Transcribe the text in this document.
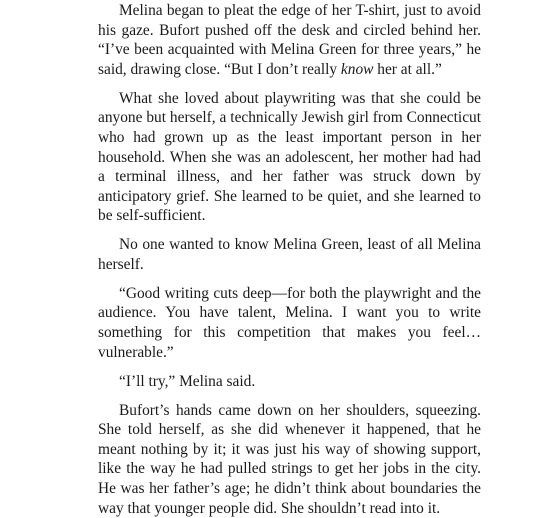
Melina began to pleat the edge of her T-shirt, just to avoid his gaze. Bufort pushed off the desk and circled behind her. “I’ve been acquainted with Melina Green for three years,” he said, drawing close. “But I don’t really know her at all.”

What she loved about playwriting was that she could be anyone but herself, a technically Jewish girl from Connecticut who had grown up as the least important person in her household. When she was an adolescent, her mother had had a terminal illness, and her father was struck down by anticipatory grief. She learned to be quiet, and she learned to be self-sufficient.

No one wanted to know Melina Green, least of all Melina herself.

“Good writing cuts deep—for both the playwright and the audience. You have talent, Melina. I want you to write something for this competition that makes you feel… vulnerable.”

“I’ll try,” Melina said.

Bufort’s hands came down on her shoulders, squeezing. She told herself, as she did whenever it happened, that he meant nothing by it; it was just his way of showing support, like the way he had pulled strings to get her jobs in the city. He was her father’s age; he didn’t think about boundaries the way that younger people did. She shouldn’t read into it.
